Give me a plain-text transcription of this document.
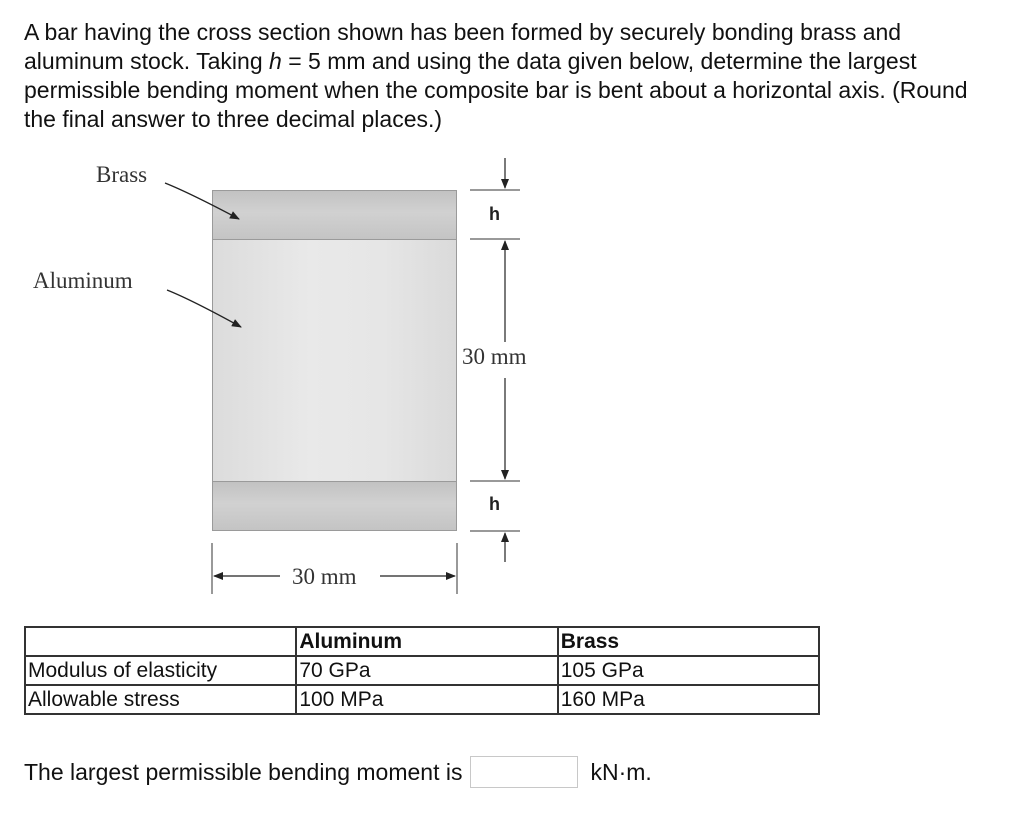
A bar having the cross section shown has been formed by securely bonding brass and aluminum stock. Taking h = 5 mm and using the data given below, determine the largest permissible bending moment when the composite bar is bent about a horizontal axis. (Round the final answer to three decimal places.)

Brass
Aluminum
h
30 mm
h
30 mm
	Aluminum	Brass
Modulus of elasticity	70 GPa	105 GPa
Allowable stress	100 MPa	160 MPa
The largest permissible bending moment is	kN·m.
